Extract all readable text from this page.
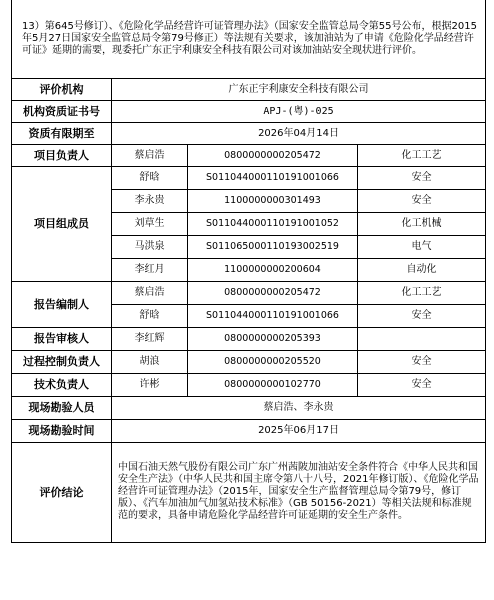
13）第645号修订）、《危险化学品经营许可证管理办法》（国家安全监管总局令第55号公布，根据2015年5月27日国家安全监管总局令第79号修正）等法规有关要求，该加油站为了申请《危险化学品经营许可证》延期的需要，现委托广东正宇利康安全科技有限公司对该加油站安全现状进行评价。			
评价机构	广东正宇利康安全科技有限公司		
机构资质证书号	APJ-(粤)-025		
资质有限期至	2026年04月14日		
项目负责人	蔡启浩	0800000000205472	化工工艺
项目组成员	舒晗	S011044000110191001066	安全
	李永贵	1100000000301493	安全
	刘草生	S011044000110191001052	化工机械
	马洪泉	S011065000110193002519	电气
	李红月	1100000000200604	自动化
报告编制人	蔡启浩	0800000000205472	化工工艺
	舒晗	S011044000110191001066	安全
报告审核人	李红辉	0800000000205393	
过程控制负责人	胡浪	0800000000205520	安全
技术负责人	许彬	0800000000102770	安全
现场勘验人员	蔡启浩、李永贵		
现场勘验时间	2025年06月17日		
评价结论	中国石油天然气股份有限公司广东广州茜陂加油站安全条件符合《中华人民共和国安全生产法》（中华人民共和国主席令第八十八号，2021年修订版）、《危险化学品经营许可证管理办法》（2015年，国家安全生产监督管理总局令第79号，修订版）、《汽车加油加气加氢站技术标准》（GB 50156-2021）等相关法规和标准规范的要求，具备申请危险化学品经营许可证延期的安全生产条件。		
